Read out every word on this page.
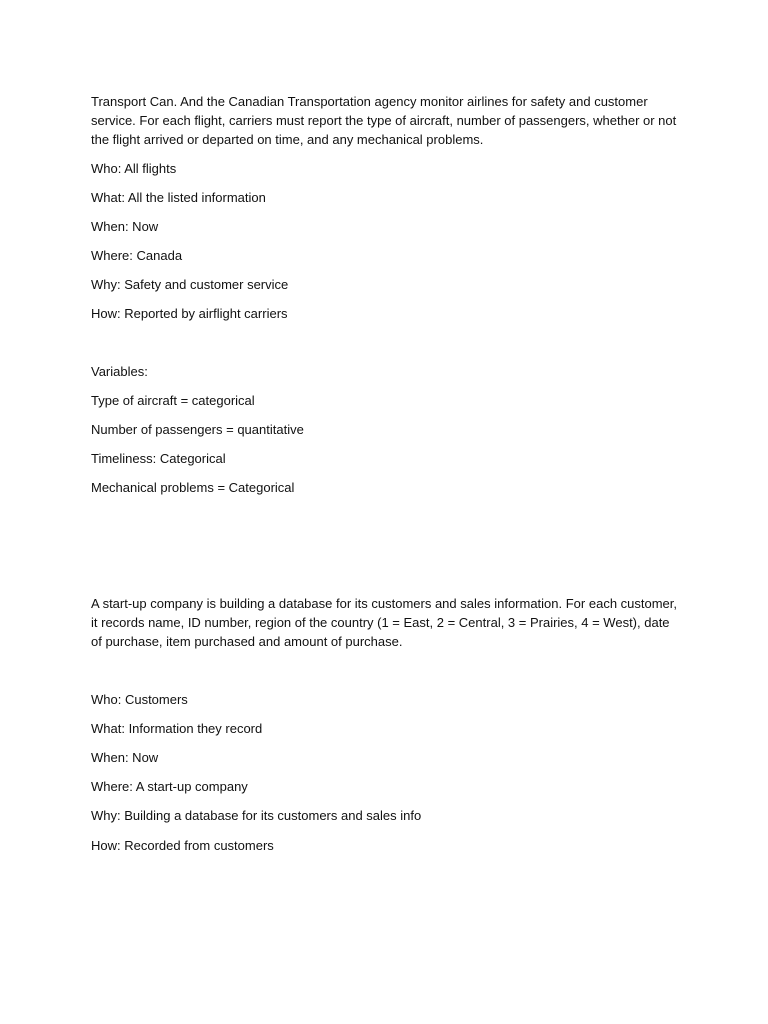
Transport Can. And the Canadian Transportation agency monitor airlines for safety and customer service. For each flight, carriers must report the type of aircraft, number of passengers, whether or not the flight arrived or departed on time, and any mechanical problems.

Who: All flights

What: All the listed information

When: Now

Where: Canada

Why: Safety and customer service

How: Reported by airflight carriers

Variables:

Type of aircraft = categorical

Number of passengers = quantitative

Timeliness: Categorical

Mechanical problems = Categorical

A start-up company is building a database for its customers and sales information. For each customer, it records name, ID number, region of the country (1 = East, 2 = Central, 3 = Prairies, 4 = West), date of purchase, item purchased and amount of purchase.

Who: Customers

What: Information they record

When: Now

Where: A start-up company

Why: Building a database for its customers and sales info

How: Recorded from customers
